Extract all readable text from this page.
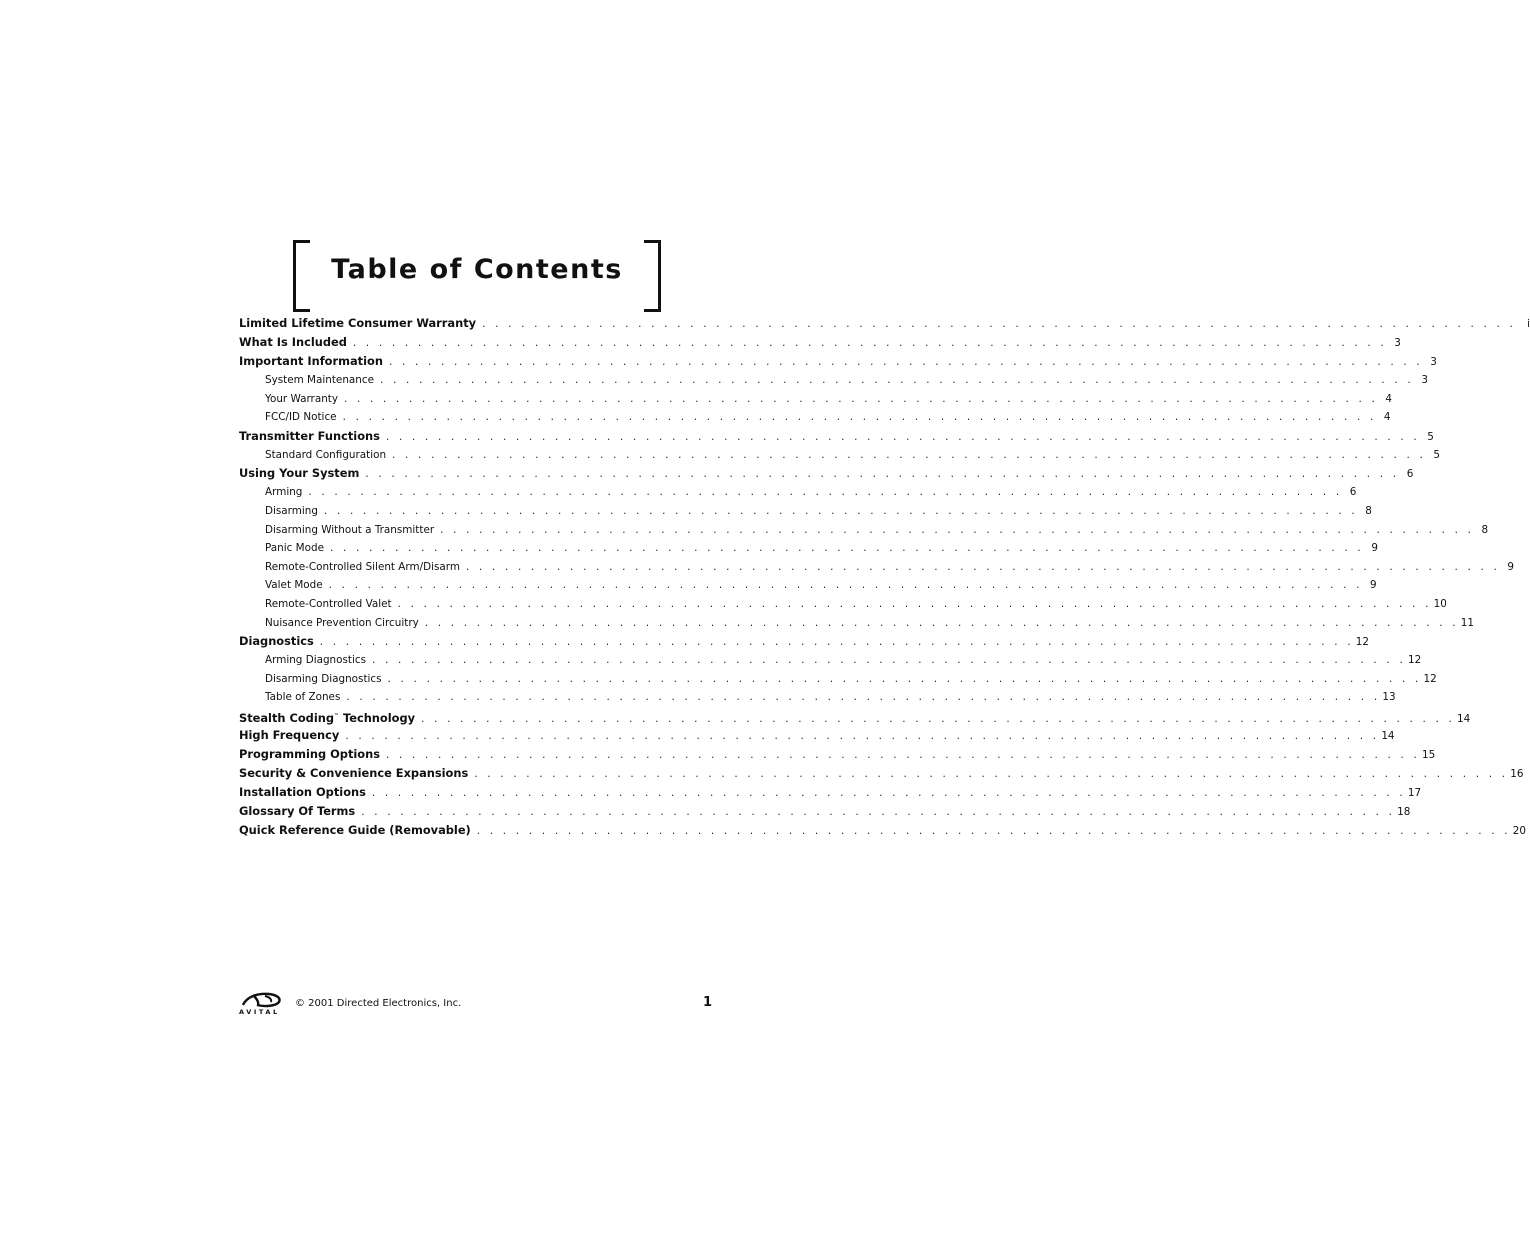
Table of Contents
Limited Lifetime Consumer Warranty . . . . . . . . . . . . . . . . . . . . . . . . . . . . . . . . . . . . . . . . . . . . . . . . . . . . . . . . . . . . . . . . . . . . . . . . . . . . . . . .	i
What Is Included . . . . . . . . . . . . . . . . . . . . . . . . . . . . . . . . . . . . . . . . . . . . . . . . . . . . . . . . . . . . . . . . . . . . . . . . . . . . . . . . 3
Important Information . . . . . . . . . . . . . . . . . . . . . . . . . . . . . . . . . . . . . . . . . . . . . . . . . . . . . . . . . . . . . . . . . . . . . . . . . . . . . . . . 3
System Maintenance . . . . . . . . . . . . . . . . . . . . . . . . . . . . . . . . . . . . . . . . . . . . . . . . . . . . . . . . . . . . . . . . . . . . . . . . . . . . . . . . 3
Your Warranty . . . . . . . . . . . . . . . . . . . . . . . . . . . . . . . . . . . . . . . . . . . . . . . . . . . . . . . . . . . . . . . . . . . . . . . . . . . . . . . . 4
FCC/ID Notice . . . . . . . . . . . . . . . . . . . . . . . . . . . . . . . . . . . . . . . . . . . . . . . . . . . . . . . . . . . . . . . . . . . . . . . . . . . . . . . . 4
Transmitter Functions . . . . . . . . . . . . . . . . . . . . . . . . . . . . . . . . . . . . . . . . . . . . . . . . . . . . . . . . . . . . . . . . . . . . . . . . . . . . . . . . 5
Standard Configuration . . . . . . . . . . . . . . . . . . . . . . . . . . . . . . . . . . . . . . . . . . . . . . . . . . . . . . . . . . . . . . . . . . . . . . . . . . . . . . . . 5
Using Your System . . . . . . . . . . . . . . . . . . . . . . . . . . . . . . . . . . . . . . . . . . . . . . . . . . . . . . . . . . . . . . . . . . . . . . . . . . . . . . . . 6
Arming . . . . . . . . . . . . . . . . . . . . . . . . . . . . . . . . . . . . . . . . . . . . . . . . . . . . . . . . . . . . . . . . . . . . . . . . . . . . . . . . 6
Disarming . . . . . . . . . . . . . . . . . . . . . . . . . . . . . . . . . . . . . . . . . . . . . . . . . . . . . . . . . . . . . . . . . . . . . . . . . . . . . . . . 8
Disarming Without a Transmitter . . . . . . . . . . . . . . . . . . . . . . . . . . . . . . . . . . . . . . . . . . . . . . . . . . . . . . . . . . . . . . . . . . . . . . . . . . . . . . . . 8
Panic Mode . . . . . . . . . . . . . . . . . . . . . . . . . . . . . . . . . . . . . . . . . . . . . . . . . . . . . . . . . . . . . . . . . . . . . . . . . . . . . . . . 9
Remote-Controlled Silent Arm/Disarm . . . . . . . . . . . . . . . . . . . . . . . . . . . . . . . . . . . . . . . . . . . . . . . . . . . . . . . . . . . . . . . . . . . . . . . . . . . . . . . . 9
Valet Mode . . . . . . . . . . . . . . . . . . . . . . . . . . . . . . . . . . . . . . . . . . . . . . . . . . . . . . . . . . . . . . . . . . . . . . . . . . . . . . . . 9
Remote-Controlled Valet . . . . . . . . . . . . . . . . . . . . . . . . . . . . . . . . . . . . . . . . . . . . . . . . . . . . . . . . . . . . . . . . . . . . . . . . . . . . . . . . 10
Nuisance Prevention Circuitry . . . . . . . . . . . . . . . . . . . . . . . . . . . . . . . . . . . . . . . . . . . . . . . . . . . . . . . . . . . . . . . . . . . . . . . . . . . . . . . . 11
Diagnostics . . . . . . . . . . . . . . . . . . . . . . . . . . . . . . . . . . . . . . . . . . . . . . . . . . . . . . . . . . . . . . . . . . . . . . . . . . . . . . . . 12
Arming Diagnostics . . . . . . . . . . . . . . . . . . . . . . . . . . . . . . . . . . . . . . . . . . . . . . . . . . . . . . . . . . . . . . . . . . . . . . . . . . . . . . . . 12
Disarming Diagnostics . . . . . . . . . . . . . . . . . . . . . . . . . . . . . . . . . . . . . . . . . . . . . . . . . . . . . . . . . . . . . . . . . . . . . . . . . . . . . . . . 12
Table of Zones . . . . . . . . . . . . . . . . . . . . . . . . . . . . . . . . . . . . . . . . . . . . . . . . . . . . . . . . . . . . . . . . . . . . . . . . . . . . . . . . 13
Stealth Coding™ Technology . . . . . . . . . . . . . . . . . . . . . . . . . . . . . . . . . . . . . . . . . . . . . . . . . . . . . . . . . . . . . . . . . . . . . . . . . . . . . . . . 14
High Frequency . . . . . . . . . . . . . . . . . . . . . . . . . . . . . . . . . . . . . . . . . . . . . . . . . . . . . . . . . . . . . . . . . . . . . . . . . . . . . . . . 14
Programming Options . . . . . . . . . . . . . . . . . . . . . . . . . . . . . . . . . . . . . . . . . . . . . . . . . . . . . . . . . . . . . . . . . . . . . . . . . . . . . . . . 15
Security & Convenience Expansions . . . . . . . . . . . . . . . . . . . . . . . . . . . . . . . . . . . . . . . . . . . . . . . . . . . . . . . . . . . . . . . . . . . . . . . . . . . . . . . . 16
Installation Options . . . . . . . . . . . . . . . . . . . . . . . . . . . . . . . . . . . . . . . . . . . . . . . . . . . . . . . . . . . . . . . . . . . . . . . . . . . . . . . . 17
Glossary Of Terms . . . . . . . . . . . . . . . . . . . . . . . . . . . . . . . . . . . . . . . . . . . . . . . . . . . . . . . . . . . . . . . . . . . . . . . . . . . . . . . . 18
Quick Reference Guide (Removable) . . . . . . . . . . . . . . . . . . . . . . . . . . . . . . . . . . . . . . . . . . . . . . . . . . . . . . . . . . . . . . . . . . . . . . . . . . . . . . . . 20
AVITAL
© 2001 Directed Electronics, Inc.	1
